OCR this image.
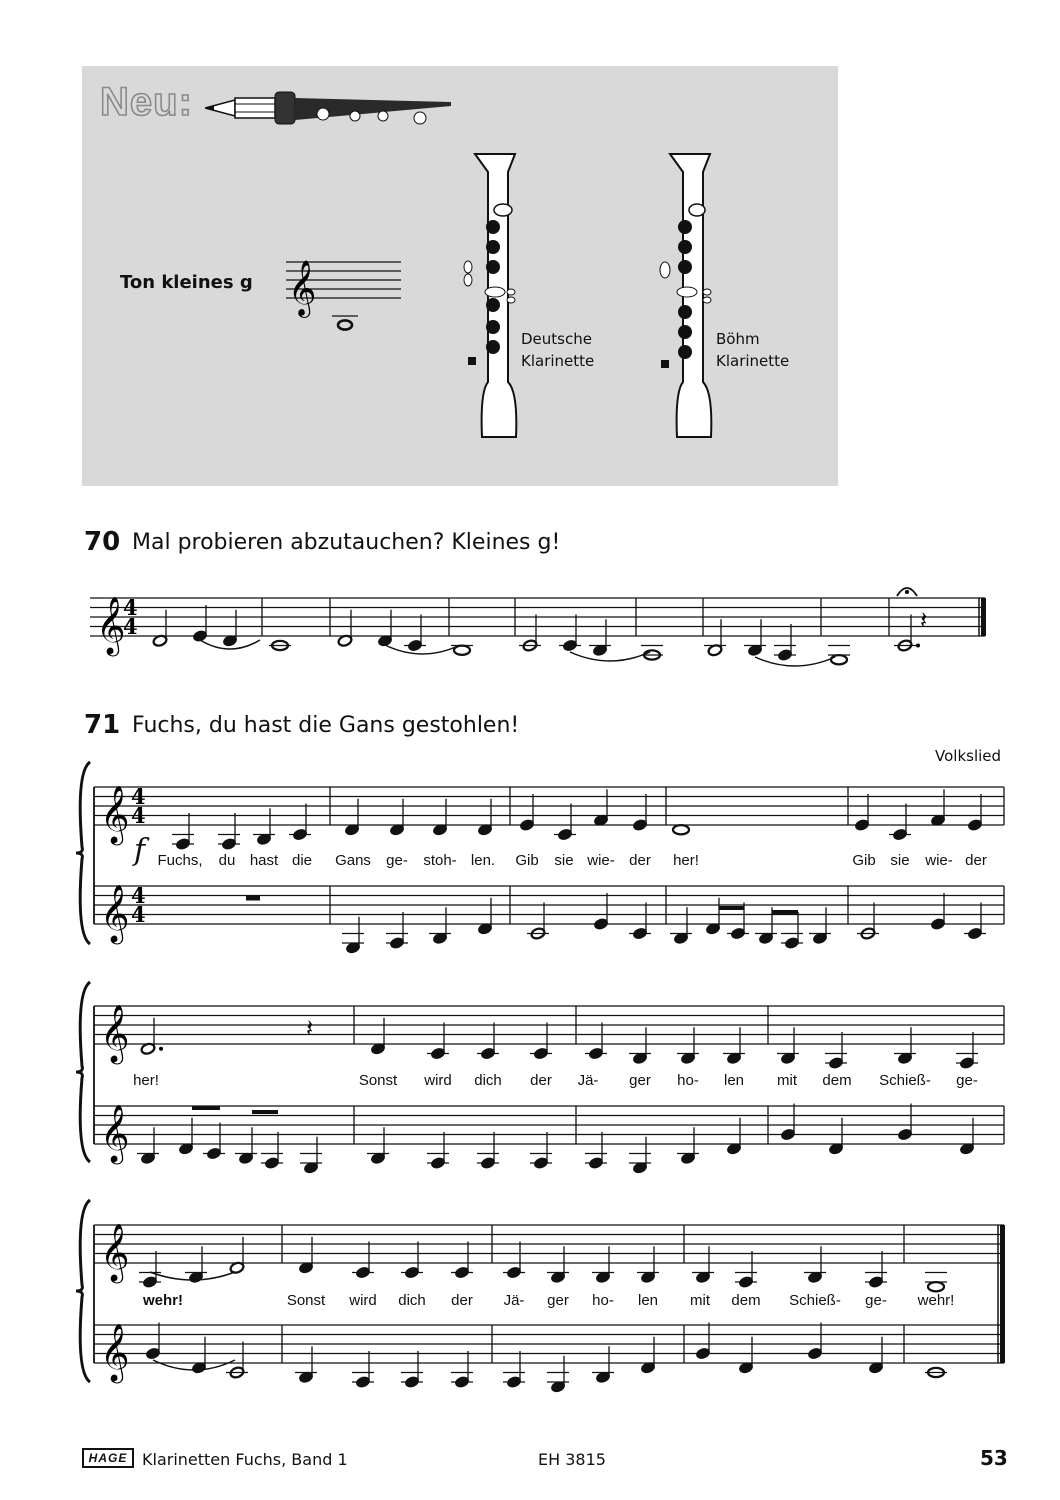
Neu:
Ton kleines g 𝄞
Deutsche
Klarinette
Böhm
Klarinette
70 Mal probieren abzutauchen? Kleines g!
71 Fuchs, du hast die Gans gestohlen!
Volkslied
f Fuchs, du hast die Gans ge- stoh- len. Gib sie wie- der her!	Gib sie wie- der
her!	Sonst wird dich der Jä- ger ho- len mit dem Schieß- ge-
wehr!	Sonst wird dich der Jä- ger ho- len mit dem Schieß- ge- wehr!
𝄞
4
4	𝄽
𝄞
𝄞
4
4
4
4
𝄞
𝄞
𝄽
𝄞
𝄞
HAGE Klarinetten Fuchs, Band 1	EH 3815	53
